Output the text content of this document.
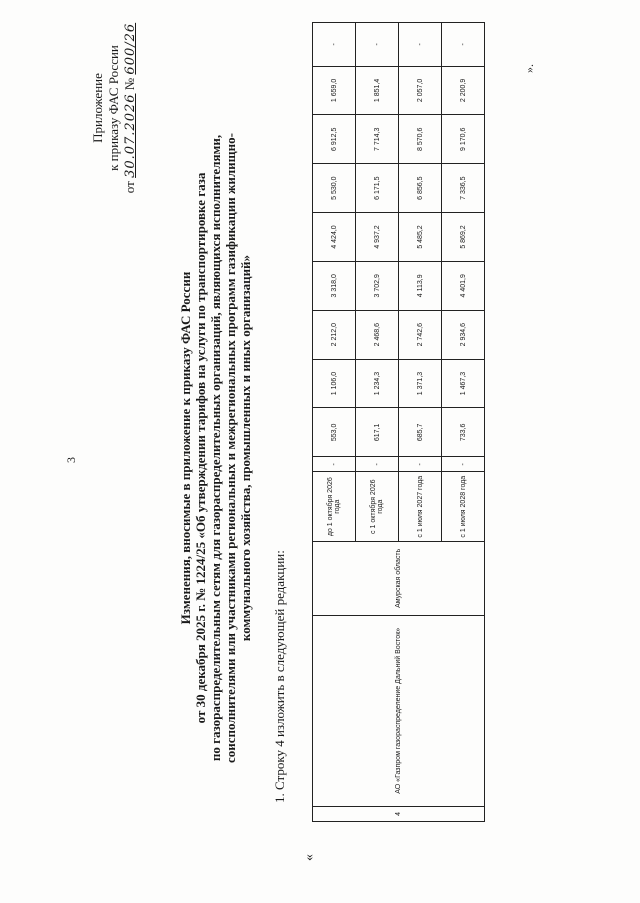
3
Приложение к приказу ФАС России
от 30.07.2026 № 600/26
Изменения, вносимые в приложение к приказу ФАС России от 30 декабря 2025 г. № 1224/25 «Об утверждении тарифов на услуги по транспортировке газа по газораспределительным сетям для газораспределительных организаций, являющихся исполнителями, соисполнителями или участниками региональных и межрегиональных программ газификации жилищно- коммунального хозяйства, промышленных и иных организаций»
1. Строку 4 изложить в следующей редакции:
«
4	АО «Газпром газораспределение Дальний Восток»	Амурская область	до 1 октября 2026 года	-	553,0	1 106,0	2 212,0	3 318,0	4 424,0	5 530,0	6 912,5	1 659,0	-
			с 1 октября 2026 года	-	617,1	1 234,3	2 468,6	3 702,9	4 937,2	6 171,5	7 714,3	1 851,4	-
			с 1 июля 2027 года	-	685,7	1 371,3	2 742,6	4 113,9	5 485,2	6 856,5	8 570,6	2 057,0	-
			с 1 июля 2028 года	-	733,6	1 467,3	2 934,6	4 401,9	5 869,2	7 336,5	9 170,6	2 200,9	-
».
